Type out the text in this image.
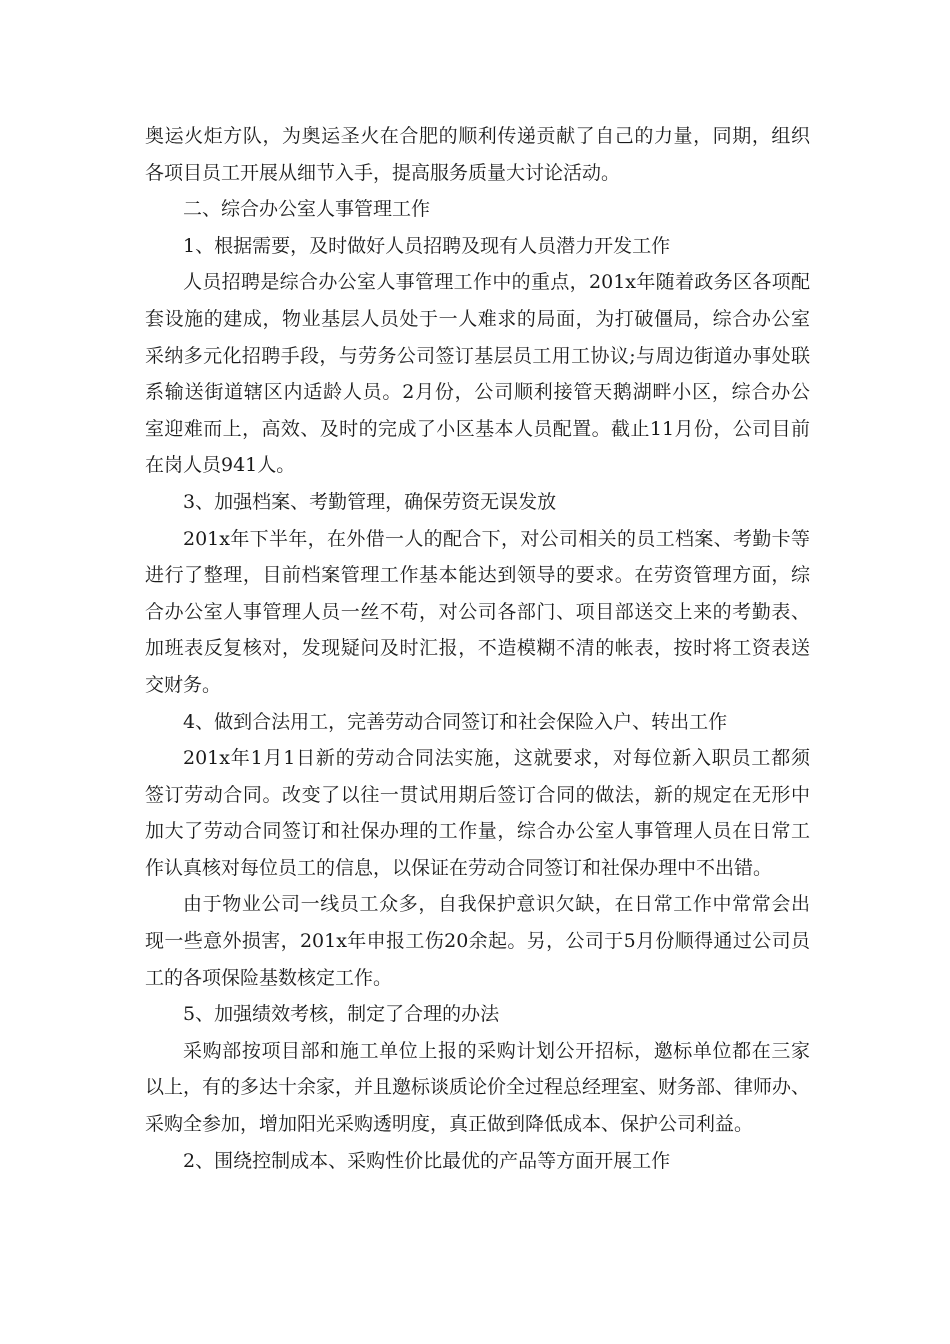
奥运火炬方队，为奥运圣火在合肥的顺利传递贡献了自己的力量，同期，组织
各项目员工开展从细节入手，提高服务质量大讨论活动。
二、综合办公室人事管理工作
1、根据需要，及时做好人员招聘及现有人员潜力开发工作
人员招聘是综合办公室人事管理工作中的重点，201x年随着政务区各项配
套设施的建成，物业基层人员处于一人难求的局面，为打破僵局，综合办公室
采纳多元化招聘手段，与劳务公司签订基层员工用工协议;与周边街道办事处联
系输送街道辖区内适龄人员。2月份，公司顺利接管天鹅湖畔小区，综合办公
室迎难而上，高效、及时的完成了小区基本人员配置。截止11月份，公司目前
在岗人员941人。
3、加强档案、考勤管理，确保劳资无误发放
201x年下半年，在外借一人的配合下，对公司相关的员工档案、考勤卡等
进行了整理，目前档案管理工作基本能达到领导的要求。在劳资管理方面，综
合办公室人事管理人员一丝不苟，对公司各部门、项目部送交上来的考勤表、
加班表反复核对，发现疑问及时汇报，不造模糊不清的帐表，按时将工资表送
交财务。
4、做到合法用工，完善劳动合同签订和社会保险入户、转出工作
201x年1月1日新的劳动合同法实施，这就要求，对每位新入职员工都须
签订劳动合同。改变了以往一贯试用期后签订合同的做法，新的规定在无形中
加大了劳动合同签订和社保办理的工作量，综合办公室人事管理人员在日常工
作认真核对每位员工的信息，以保证在劳动合同签订和社保办理中不出错。
由于物业公司一线员工众多，自我保护意识欠缺，在日常工作中常常会出
现一些意外损害，201x年申报工伤20余起。另，公司于5月份顺得通过公司员
工的各项保险基数核定工作。
5、加强绩效考核，制定了合理的办法
采购部按项目部和施工单位上报的采购计划公开招标，邀标单位都在三家
以上，有的多达十余家，并且邀标谈质论价全过程总经理室、财务部、律师办、
采购全参加，增加阳光采购透明度，真正做到降低成本、保护公司利益。
2、围绕控制成本、采购性价比最优的产品等方面开展工作
